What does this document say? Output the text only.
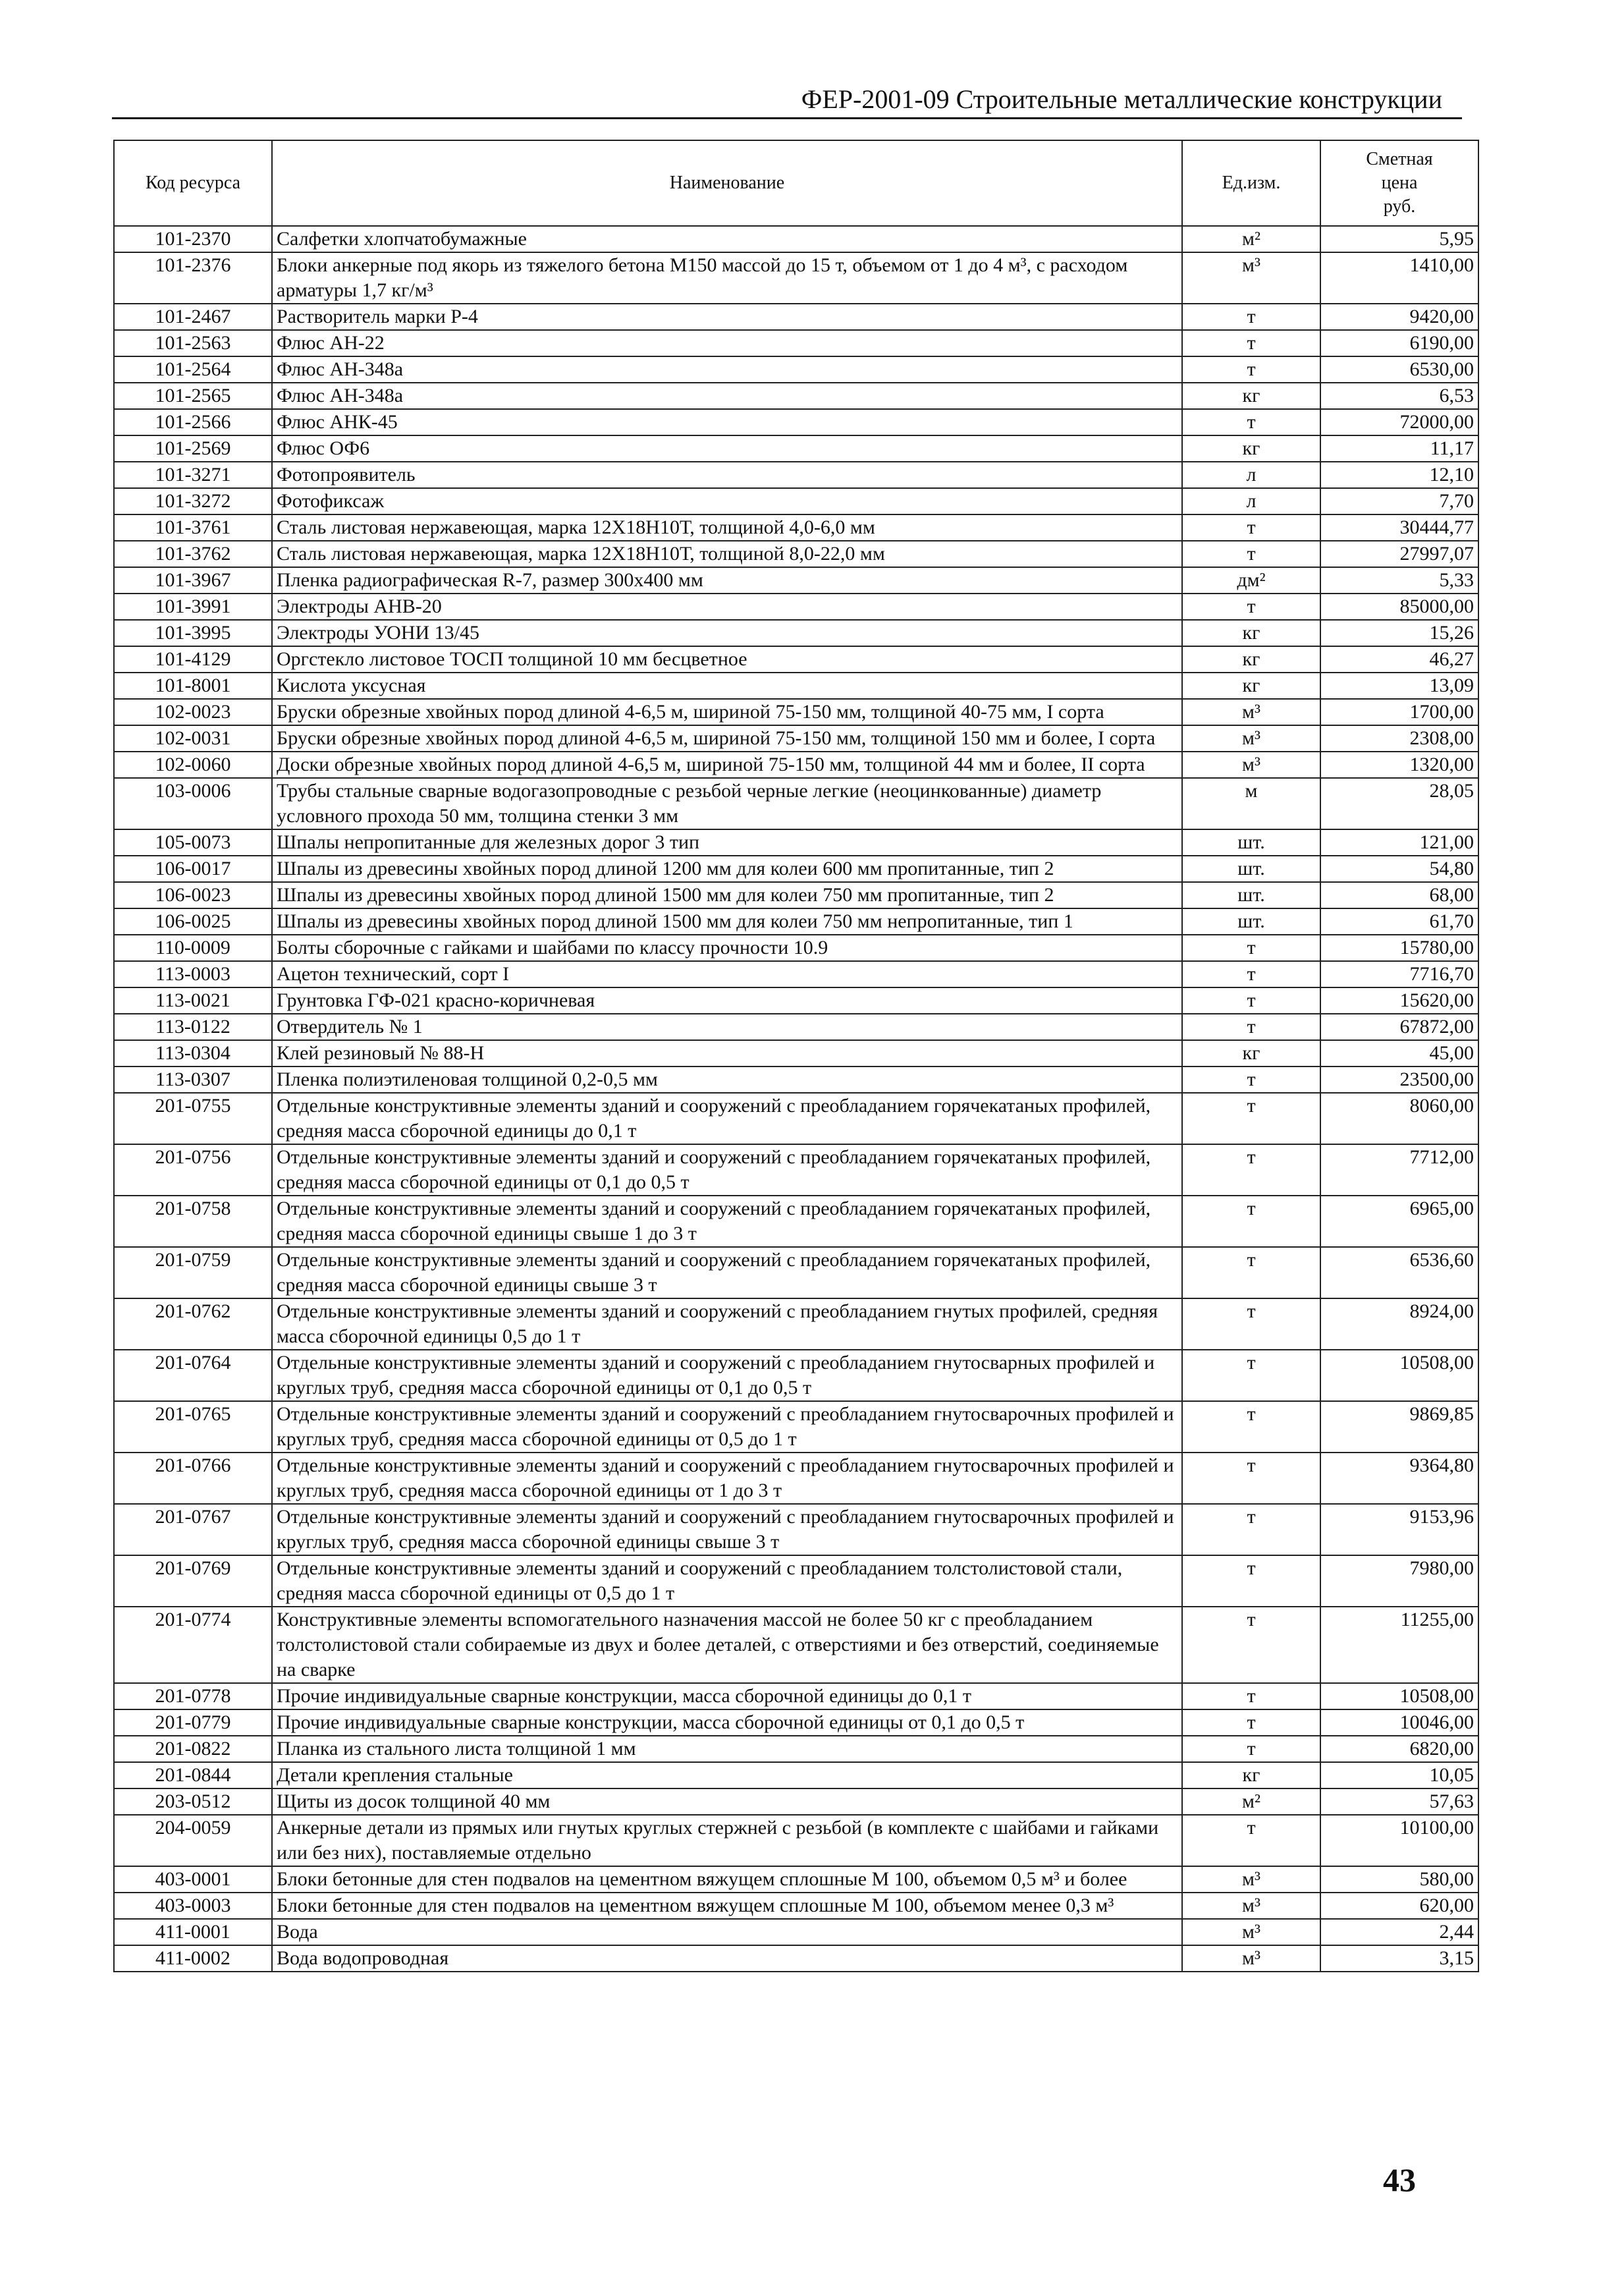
ФЕР-2001-09 Строительные металлические конструкции
Код ресурса	Наименование	Ед.изм.	Сметная
цена
руб.

101-2370	Салфетки хлопчатобумажные	м²	5,95
101-2376	Блоки анкерные под якорь из тяжелого бетона М150 массой до 15 т, объемом от 1 до 4 м³, с расходом арматуры 1,7 кг/м³	м³	1410,00
101-2467	Растворитель марки Р-4	т	9420,00
101-2563	Флюс АН-22	т	6190,00
101-2564	Флюс АН-348а	т	6530,00
101-2565	Флюс АН-348а	кг	6,53
101-2566	Флюс АНК-45	т	72000,00
101-2569	Флюс ОФ6	кг	11,17
101-3271	Фотопроявитель	л	12,10
101-3272	Фотофиксаж	л	7,70
101-3761	Сталь листовая нержавеющая, марка 12Х18Н10Т, толщиной 4,0-6,0 мм	т	30444,77
101-3762	Сталь листовая нержавеющая, марка 12Х18Н10Т, толщиной 8,0-22,0 мм	т	27997,07
101-3967	Пленка радиографическая R-7, размер 300х400 мм	дм²	5,33
101-3991	Электроды АНВ-20	т	85000,00
101-3995	Электроды УОНИ 13/45	кг	15,26
101-4129	Оргстекло листовое ТОСП толщиной 10 мм бесцветное	кг	46,27
101-8001	Кислота уксусная	кг	13,09
102-0023	Бруски обрезные хвойных пород длиной 4-6,5 м, шириной 75-150 мм, толщиной 40-75 мм, I сорта	м³	1700,00
102-0031	Бруски обрезные хвойных пород длиной 4-6,5 м, шириной 75-150 мм, толщиной 150 мм и более, I сорта	м³	2308,00
102-0060	Доски обрезные хвойных пород длиной 4-6,5 м, шириной 75-150 мм, толщиной 44 мм и более, II сорта	м³	1320,00
103-0006	Трубы стальные сварные водогазопроводные с резьбой черные легкие (неоцинкованные) диаметр условного прохода 50 мм, толщина стенки 3 мм	м	28,05
105-0073	Шпалы непропитанные для железных дорог 3 тип	шт.	121,00
106-0017	Шпалы из древесины хвойных пород длиной 1200 мм для колеи 600 мм пропитанные, тип 2	шт.	54,80
106-0023	Шпалы из древесины хвойных пород длиной 1500 мм для колеи 750 мм пропитанные, тип 2	шт.	68,00
106-0025	Шпалы из древесины хвойных пород длиной 1500 мм для колеи 750 мм непропитанные, тип 1	шт.	61,70
110-0009	Болты сборочные с гайками и шайбами по классу прочности 10.9	т	15780,00
113-0003	Ацетон технический, сорт I	т	7716,70
113-0021	Грунтовка ГФ-021 красно-коричневая	т	15620,00
113-0122	Отвердитель № 1	т	67872,00
113-0304	Клей резиновый № 88-Н	кг	45,00
113-0307	Пленка полиэтиленовая толщиной 0,2-0,5 мм	т	23500,00
201-0755	Отдельные конструктивные элементы зданий и сооружений с преобладанием горячекатаных профилей, средняя масса сборочной единицы до 0,1 т	т	8060,00
201-0756	Отдельные конструктивные элементы зданий и сооружений с преобладанием горячекатаных профилей, средняя масса сборочной единицы от 0,1 до 0,5 т	т	7712,00
201-0758	Отдельные конструктивные элементы зданий и сооружений с преобладанием горячекатаных профилей, средняя масса сборочной единицы свыше 1 до 3 т	т	6965,00
201-0759	Отдельные конструктивные элементы зданий и сооружений с преобладанием горячекатаных профилей, средняя масса сборочной единицы свыше 3 т	т	6536,60
201-0762	Отдельные конструктивные элементы зданий и сооружений с преобладанием гнутых профилей, средняя масса сборочной единицы 0,5 до 1 т	т	8924,00
201-0764	Отдельные конструктивные элементы зданий и сооружений с преобладанием гнутосварных профилей и круглых труб, средняя масса сборочной единицы от 0,1 до 0,5 т	т	10508,00
201-0765	Отдельные конструктивные элементы зданий и сооружений с преобладанием гнутосварочных профилей и круглых труб, средняя масса сборочной единицы от 0,5 до 1 т	т	9869,85
201-0766	Отдельные конструктивные элементы зданий и сооружений с преобладанием гнутосварочных профилей и круглых труб, средняя масса сборочной единицы от 1 до 3 т	т	9364,80
201-0767	Отдельные конструктивные элементы зданий и сооружений с преобладанием гнутосварочных профилей и круглых труб, средняя масса сборочной единицы свыше 3 т	т	9153,96
201-0769	Отдельные конструктивные элементы зданий и сооружений с преобладанием толстолистовой стали, средняя масса сборочной единицы от 0,5 до 1 т	т	7980,00
201-0774	Конструктивные элементы вспомогательного назначения массой не более 50 кг с преобладанием толстолистовой стали собираемые из двух и более деталей, с отверстиями и без отверстий, соединяемые на сварке	т	11255,00
201-0778	Прочие индивидуальные сварные конструкции, масса сборочной единицы до 0,1 т	т	10508,00
201-0779	Прочие индивидуальные сварные конструкции, масса сборочной единицы от 0,1 до 0,5 т	т	10046,00
201-0822	Планка из стального листа толщиной 1 мм	т	6820,00
201-0844	Детали крепления стальные	кг	10,05
203-0512	Щиты из досок толщиной 40 мм	м²	57,63
204-0059	Анкерные детали из прямых или гнутых круглых стержней с резьбой (в комплекте с шайбами и гайками или без них), поставляемые отдельно	т	10100,00
403-0001	Блоки бетонные для стен подвалов на цементном вяжущем сплошные М 100, объемом 0,5 м³ и более	м³	580,00
403-0003	Блоки бетонные для стен подвалов на цементном вяжущем сплошные М 100, объемом менее 0,3 м³	м³	620,00
411-0001	Вода	м³	2,44
411-0002	Вода водопроводная	м³	3,15
43
